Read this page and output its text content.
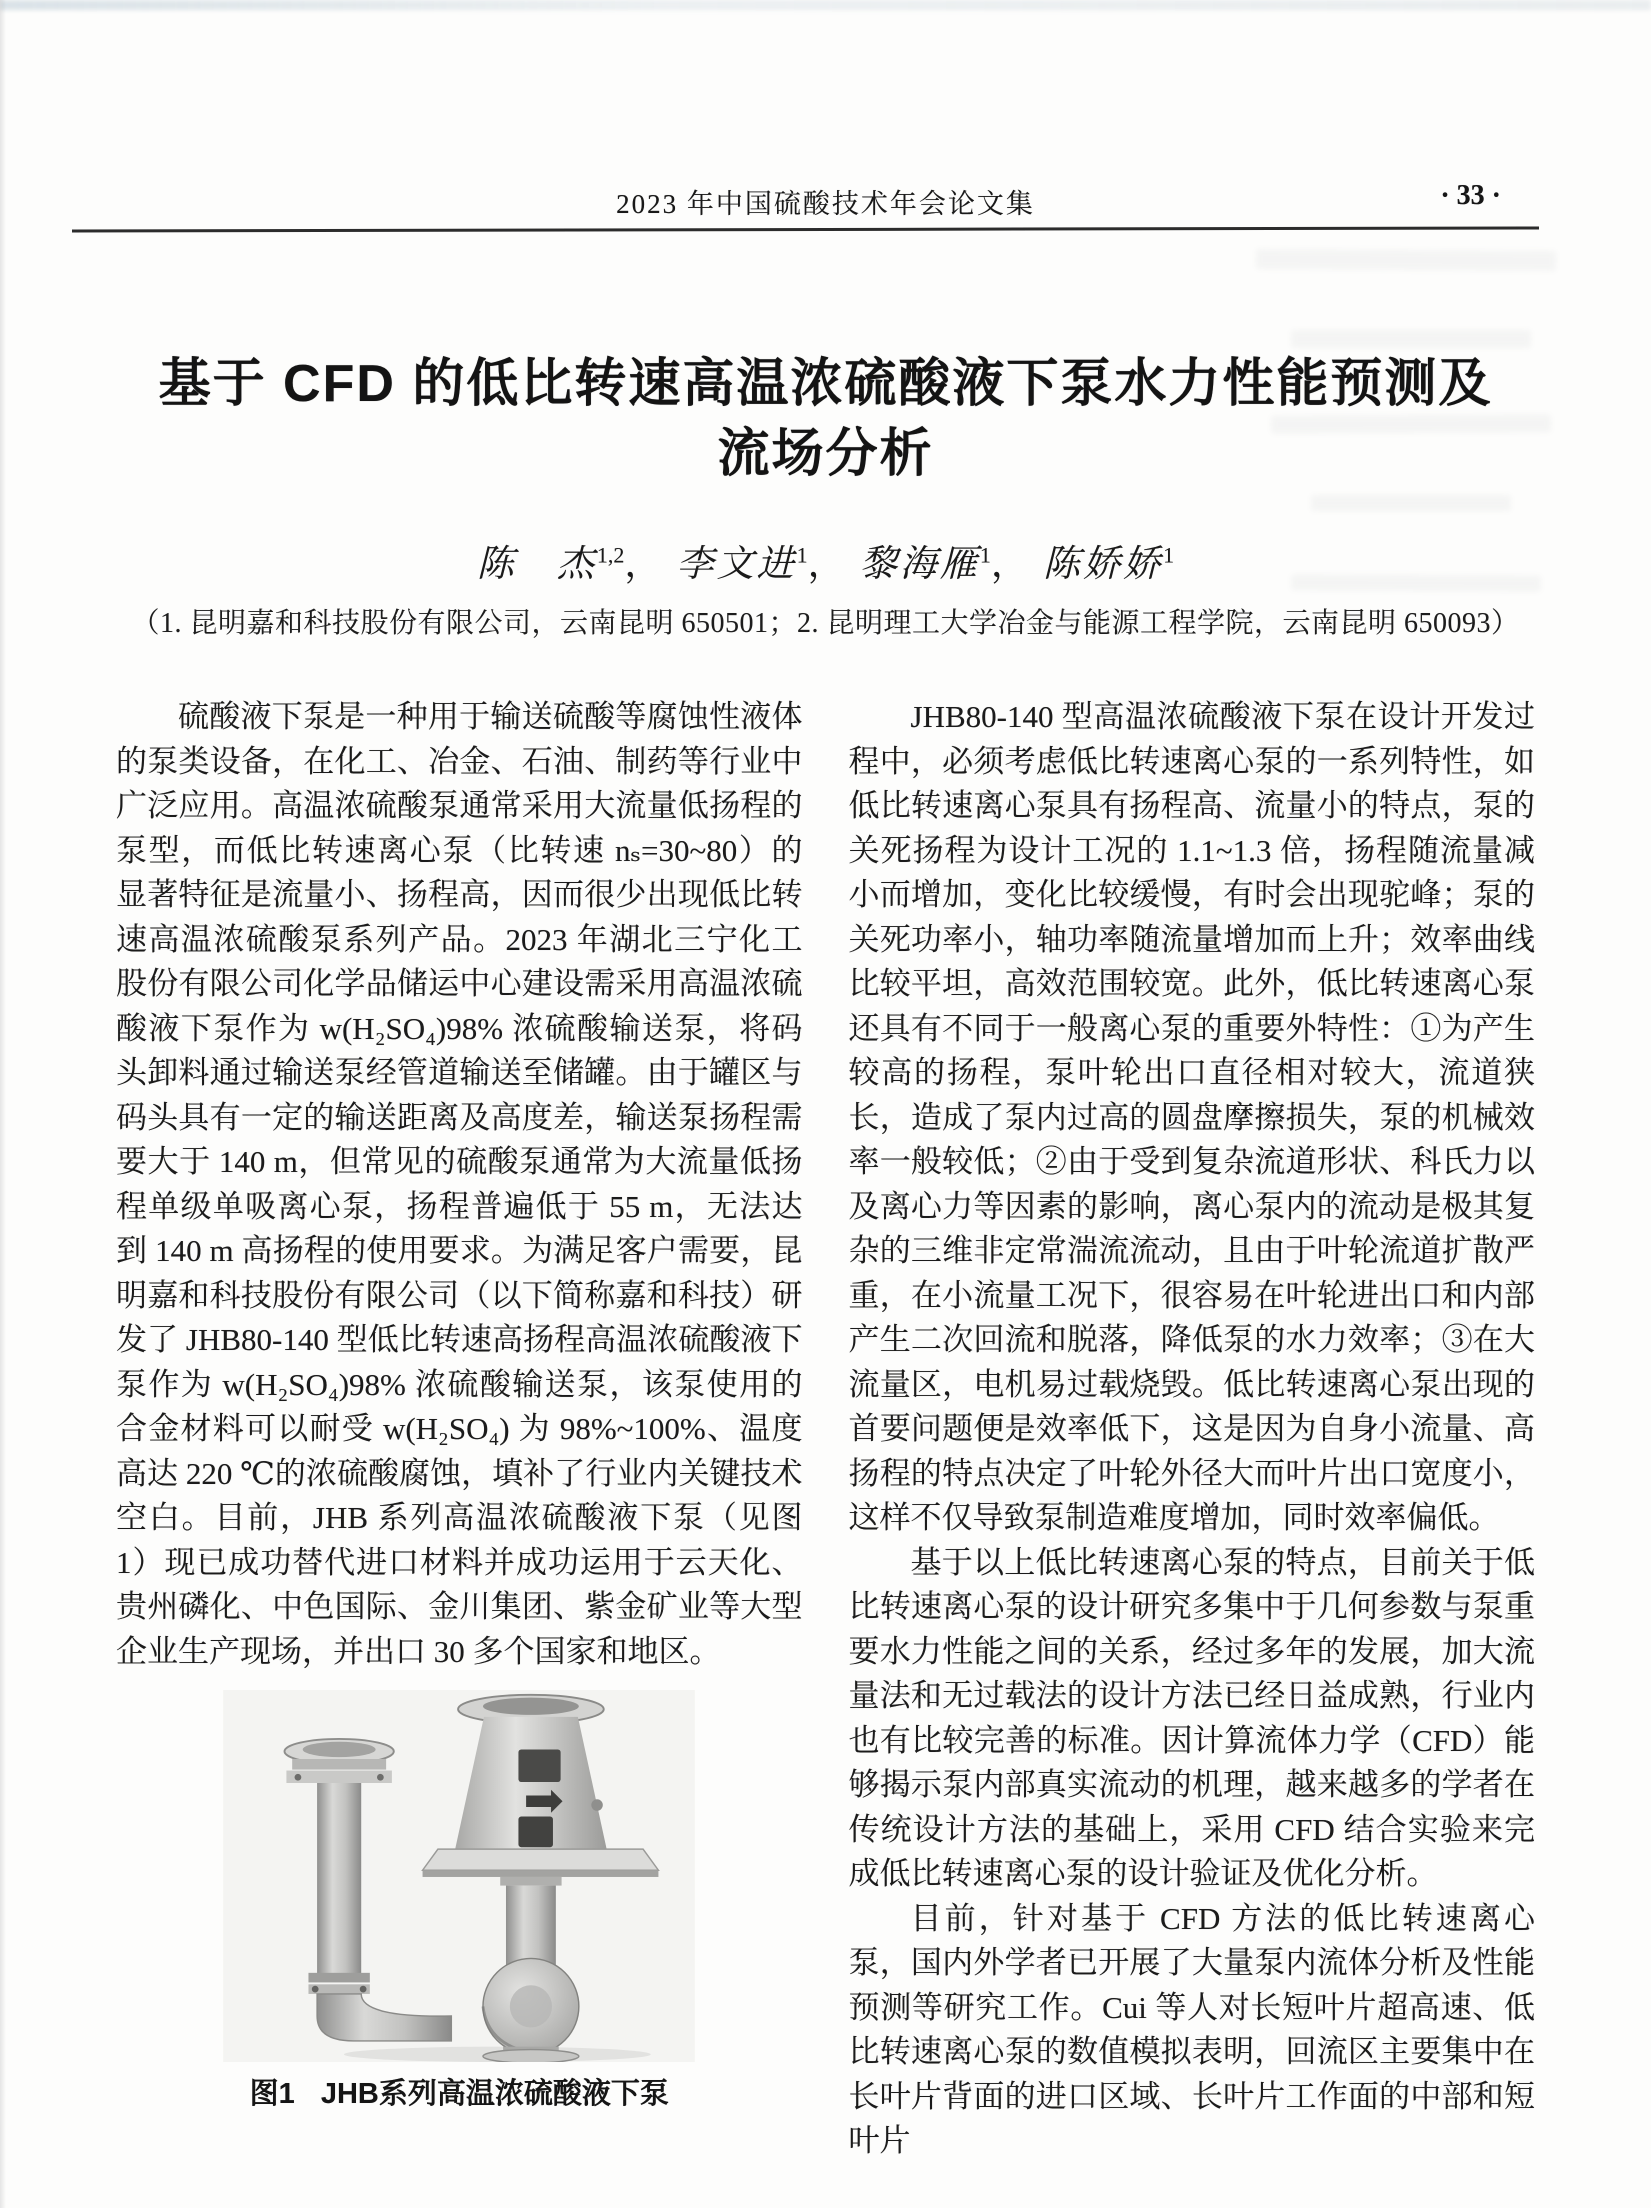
2023 年中国硫酸技术年会论文集	· 33 ·
基于 CFD 的低比转速高温浓硫酸液下泵水力性能预测及
流场分析
陈　杰$^{1,2}$， 李文进$^1$， 黎海雁$^1$， 陈娇娇$^1$
（1. 昆明嘉和科技股份有限公司，云南昆明 650501；2. 昆明理工大学冶金与能源工程学院，云南昆明 650093）

硫酸液下泵是一种用于输送硫酸等腐蚀性液体的泵类设备，在化工、冶金、石油、制药等行业中广泛应用。高温浓硫酸泵通常采用大流量低扬程的泵型，而低比转速离心泵（比转速 nₛ=30~80）的显著特征是流量小、扬程高，因而很少出现低比转速高温浓硫酸泵系列产品。2023 年湖北三宁化工股份有限公司化学品储运中心建设需采用高温浓硫酸液下泵作为 w(H₂SO₄)98% 浓硫酸输送泵，将码头卸料通过输送泵经管道输送至储罐。由于罐区与码头具有一定的输送距离及高度差，输送泵扬程需要大于 140 m，但常见的硫酸泵通常为大流量低扬程单级单吸离心泵，扬程普遍低于 55 m，无法达到 140 m 高扬程的使用要求。为满足客户需要，昆明嘉和科技股份有限公司（以下简称嘉和科技）研发了 JHB80-140 型低比转速高扬程高温浓硫酸液下泵作为 w(H₂SO₄)98% 浓硫酸输送泵，该泵使用的合金材料可以耐受 w(H₂SO₄) 为 98%~100%、温度高达 220 ℃的浓硫酸腐蚀，填补了行业内关键技术空白。目前，JHB 系列高温浓硫酸液下泵（见图 1）现已成功替代进口材料并成功运用于云天化、贵州磷化、中色国际、金川集团、紫金矿业等大型企业生产现场，并出口 30 多个国家和地区。

图1 JHB系列高温浓硫酸液下泵

JHB80-140 型高温浓硫酸液下泵在设计开发过程中，必须考虑低比转速离心泵的一系列特性，如低比转速离心泵具有扬程高、流量小的特点，泵的关死扬程为设计工况的 1.1~1.3 倍，扬程随流量减小而增加，变化比较缓慢，有时会出现驼峰；泵的关死功率小，轴功率随流量增加而上升；效率曲线比较平坦，高效范围较宽。此外，低比转速离心泵还具有不同于一般离心泵的重要外特性：①为产生较高的扬程，泵叶轮出口直径相对较大，流道狭长，造成了泵内过高的圆盘摩擦损失，泵的机械效率一般较低；②由于受到复杂流道形状、科氏力以及离心力等因素的影响，离心泵内的流动是极其复杂的三维非定常湍流流动，且由于叶轮流道扩散严重，在小流量工况下，很容易在叶轮进出口和内部产生二次回流和脱落，降低泵的水力效率；③在大流量区，电机易过载烧毁。低比转速离心泵出现的首要问题便是效率低下，这是因为自身小流量、高扬程的特点决定了叶轮外径大而叶片出口宽度小，这样不仅导致泵制造难度增加，同时效率偏低。

基于以上低比转速离心泵的特点，目前关于低比转速离心泵的设计研究多集中于几何参数与泵重要水力性能之间的关系，经过多年的发展，加大流量法和无过载法的设计方法已经日益成熟，行业内也有比较完善的标准。因计算流体力学（CFD）能够揭示泵内部真实流动的机理，越来越多的学者在传统设计方法的基础上，采用 CFD 结合实验来完成低比转速离心泵的设计验证及优化分析。

目前，针对基于 CFD 方法的低比转速离心泵，国内外学者已开展了大量泵内流体分析及性能预测等研究工作。Cui 等人对长短叶片超高速、低比转速离心泵的数值模拟表明，回流区主要集中在长叶片背面的进口区域、长叶片工作面的中部和短叶片
